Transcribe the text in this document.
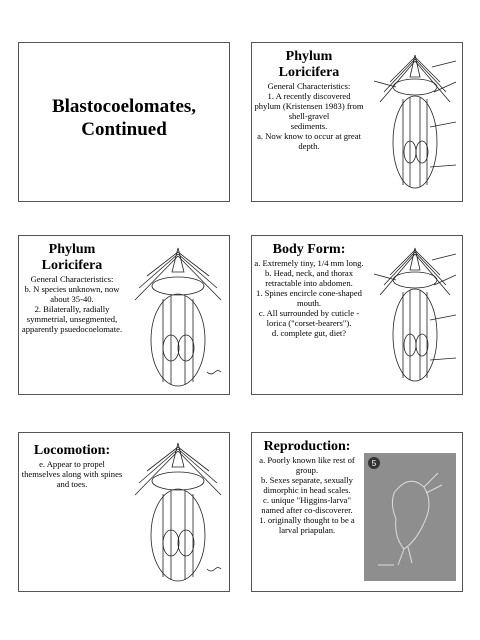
Blastocoelomates, Continued
Phylum Loricifera
General Characteristics:
1. A recently discovered phylum (Kristensen 1983) from shell-gravel
sediments.
a. Now know to occur at great depth.
Phylum Loricifera
General Characteristics:
b. N species unknown, now about 35-40.
2. Bilaterally, radially symmetrial, unsegmented, apparently psuedocoelomate.
Body Form:
a. Extremely tiny, 1/4 mm long.
b. Head, neck, and thorax retractable into abdomen.
1. Spines encircle cone-shaped mouth.
c. All surrounded by cuticle - lorica ("corset-bearers").
d. complete gut, diet?
Locomotion:
e. Appear to propel themselves along with spines and toes.
Reproduction:
a. Poorly known like rest of group.
b. Sexes separate, sexually dimorphic in head scales.
c. unique "Higgins-larva" named after co-discoverer.
1. originally thought to be a larval priapulan.
5
